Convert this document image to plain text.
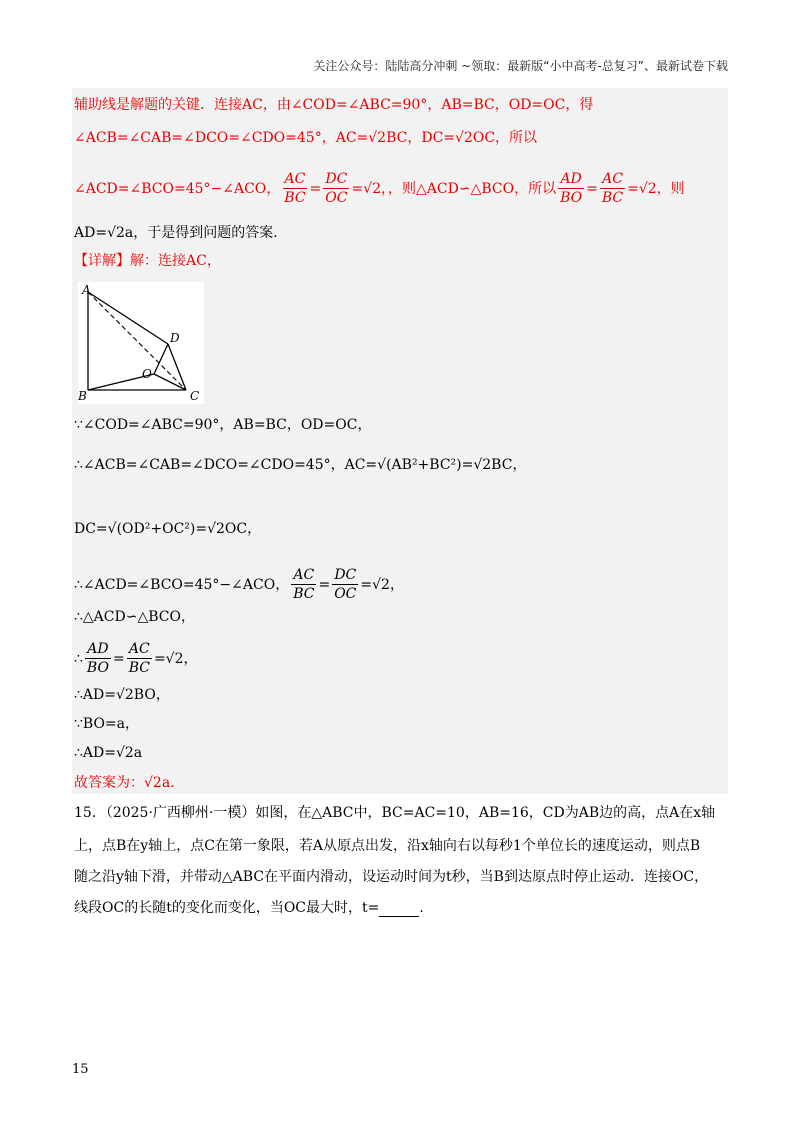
关注公众号：陆陆高分冲刺 ~领取：最新版“小中高考-总复习”、最新试卷下载
辅助线是解题的关键．连接AC，由∠COD=∠ABC=90°，AB=BC，OD=OC，得
∠ACB=∠CAB=∠DCO=∠CDO=45°，AC=√2BC，DC=√2OC，所以
∠ACD=∠BCO=45°−∠ACO， $\frac{AC}{BC} = \frac{DC}{OC} =√2$，，则△ACD∽△BCO，所以 $\frac{AD}{BO} = \frac{AC}{BC} =√2$，则
AD=√2a，于是得到问题的答案．
【详解】解：连接AC，
A
B	C
D
O
∵∠COD=∠ABC=90°，AB=BC，OD=OC，
∴∠ACB=∠CAB=∠DCO=∠CDO=45°，AC=√(AB²+BC²)=√2BC，
DC=√(OD²+OC²)=√2OC，
∴∠ACD=∠BCO=45°−∠ACO， $\frac{AC}{BC} = \frac{DC}{OC} =√2$，
∴△ACD∽△BCO，
∴ $\frac{AD}{BO} = \frac{AC}{BC} =√2$，
∴AD=√2BO，
∵BO=a，
∴AD=√2a
故答案为：√2a．
15．（2025·广西柳州·一模）如图，在△ABC中，BC=AC=10，AB=16，CD为AB边的高，点A在x轴
上，点B在y轴上，点C在第一象限，若A从原点出发，沿x轴向右以每秒1个单位长的速度运动，则点B
随之沿y轴下滑，并带动△ABC在平面内滑动，设运动时间为t秒，当B到达原点时停止运动．连接OC，
线段OC的长随t的变化而变化，当OC最大时，t=	.
15
